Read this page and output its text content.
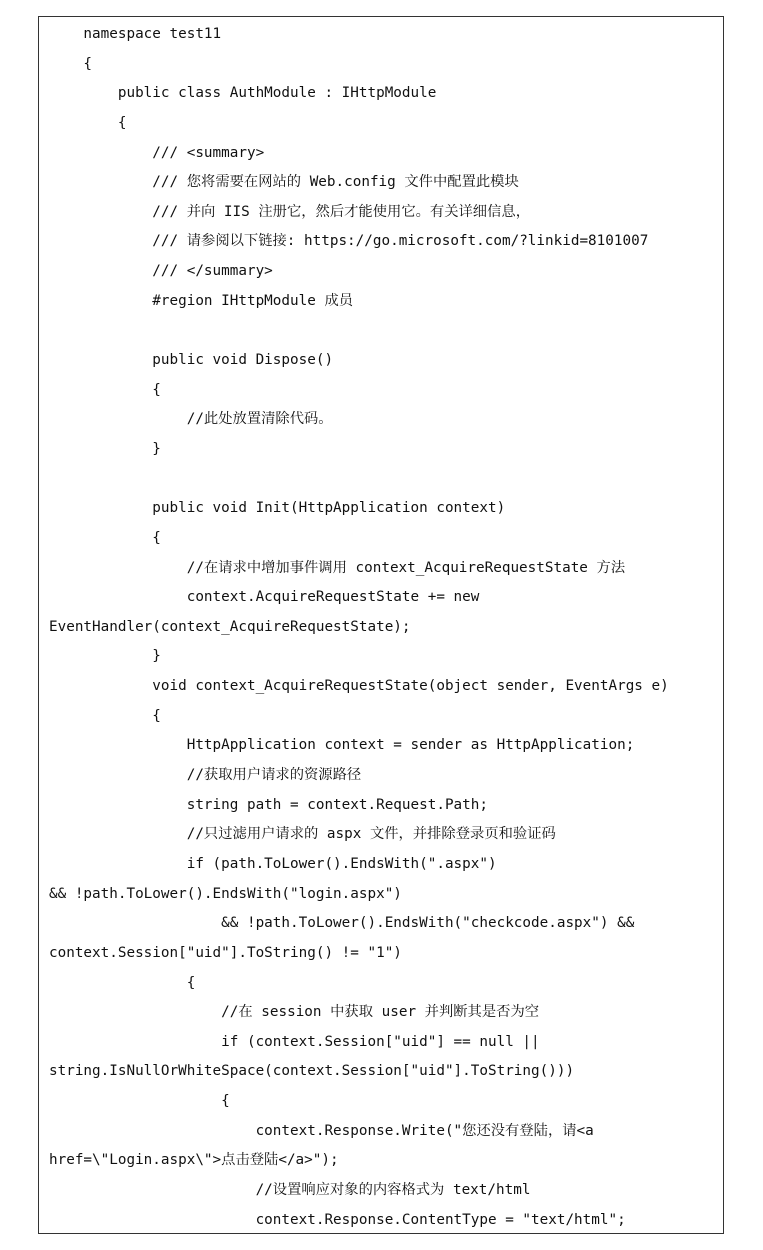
namespace test11
{
public class AuthModule : IHttpModule
{
/// <summary>
/// 您将需要在网站的 Web.config 文件中配置此模块
/// 并向 IIS 注册它，然后才能使用它。有关详细信息，
/// 请参阅以下链接: https://go.microsoft.com/?linkid=8101007
/// </summary>
#region IHttpModule 成员
public void Dispose()
{
//此处放置清除代码。
}
public void Init(HttpApplication context)
{
//在请求中增加事件调用 context_AcquireRequestState 方法
context.AcquireRequestState += new
EventHandler(context_AcquireRequestState);
}
void context_AcquireRequestState(object sender, EventArgs e)
{
HttpApplication context = sender as HttpApplication;
//获取用户请求的资源路径
string path = context.Request.Path;
//只过滤用户请求的 aspx 文件，并排除登录页和验证码
if (path.ToLower().EndsWith(".aspx")
&& !path.ToLower().EndsWith("login.aspx")
&& !path.ToLower().EndsWith("checkcode.aspx") &&
context.Session["uid"].ToString() != "1")
{
//在 session 中获取 user 并判断其是否为空
if (context.Session["uid"] == null ||
string.IsNullOrWhiteSpace(context.Session["uid"].ToString()))
{
context.Response.Write("您还没有登陆，请<a
href=\"Login.aspx\">点击登陆</a>");
//设置响应对象的内容格式为 text/html
context.Response.ContentType = "text/html";
